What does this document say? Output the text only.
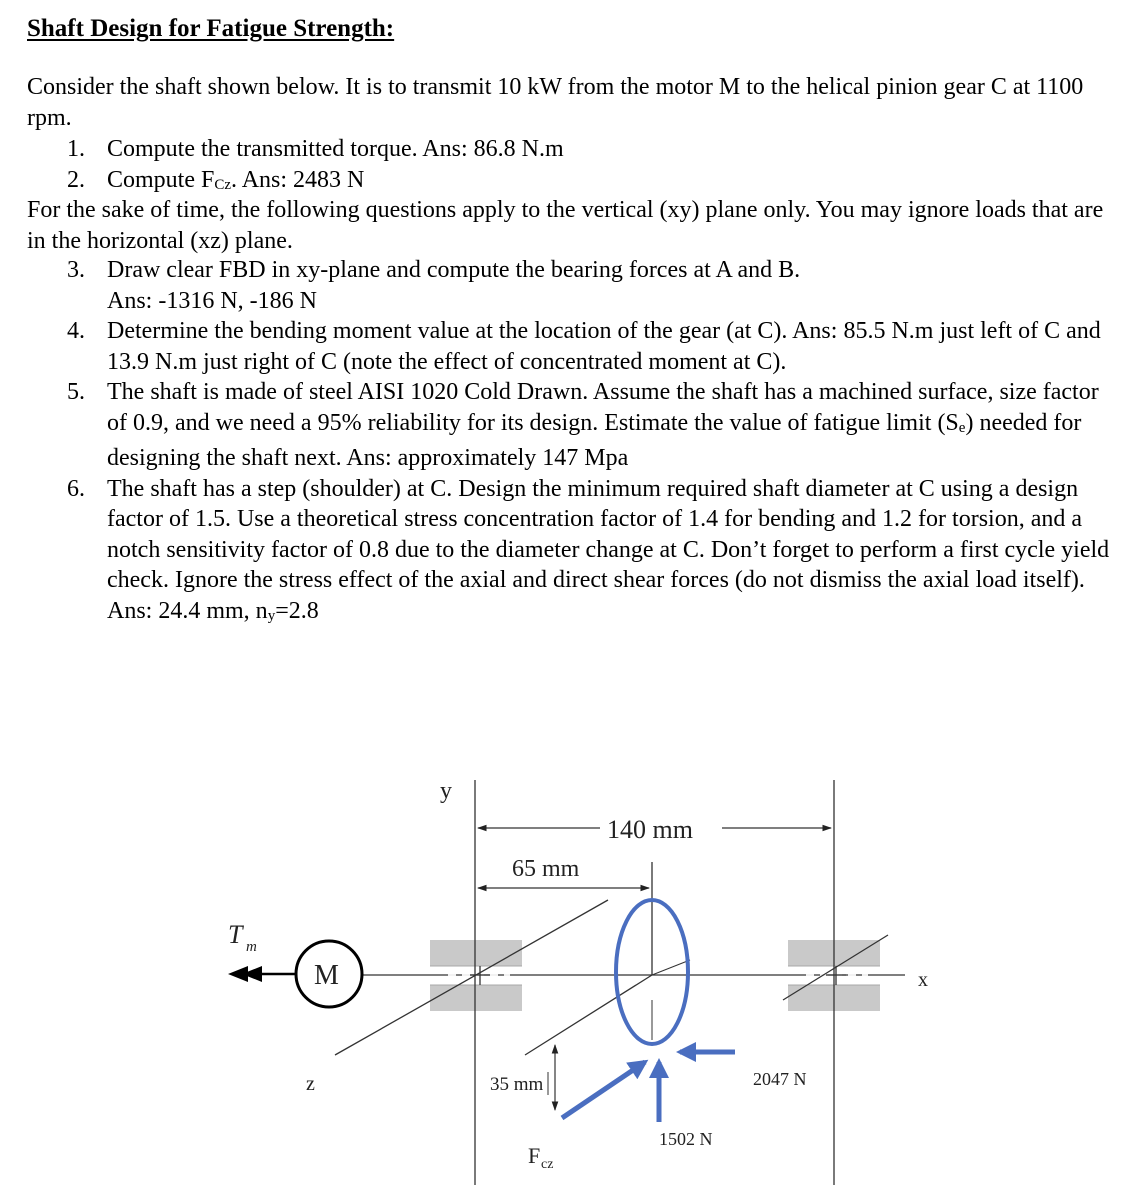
Shaft Design for Fatigue Strength:
Consider the shaft shown below. It is to transmit 10 kW from the motor M to the helical pinion gear C at 1100 rpm.
1. Compute the transmitted torque. Ans: 86.8 N.m
2. Compute FCz. Ans: 2483 N
For the sake of time, the following questions apply to the vertical (xy) plane only. You may ignore loads that are in the horizontal (xz) plane.
3. Draw clear FBD in xy-plane and compute the bearing forces at A and B.
Ans: -1316 N, -186 N
4. Determine the bending moment value at the location of the gear (at C). Ans: 85.5 N.m just left of C and 13.9 N.m just right of C (note the effect of concentrated moment at C).
5. The shaft is made of steel AISI 1020 Cold Drawn. Assume the shaft has a machined surface, size factor of 0.9, and we need a 95% reliability for its design. Estimate the value of fatigue limit (Se) needed for designing the shaft next. Ans: approximately 147 Mpa
6. The shaft has a step (shoulder) at C. Design the minimum required shaft diameter at C using a design factor of 1.5. Use a theoretical stress concentration factor of 1.4 for bending and 1.2 for torsion, and a notch sensitivity factor of 0.8 due to the diameter change at C. Don’t forget to perform a first cycle yield check. Ignore the stress effect of the axial and direct shear forces (do not dismiss the axial load itself). Ans: 24.4 mm, ny=2.8
140 mm
65 mm
35 mm
M
T m
y
x
z	2047 N
1502 N
F cz
